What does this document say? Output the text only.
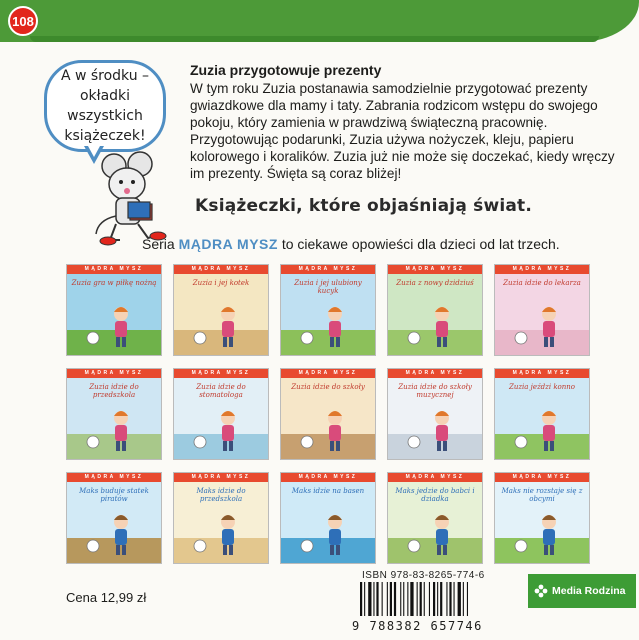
108
A w środku – okładki wszystkich książeczek!
Zuzia przygotowuje prezenty

W tym roku Zuzia postanawia samodzielnie przygotować prezenty gwiazdkowe dla mamy i taty. Zabrania rodzicom wstępu do swojego pokoju, który zamienia w prawdziwą świąteczną pracownię. Przygotowując podarunki, Zuzia używa nożyczek, kleju, papieru kolorowego i koralików. Zuzia już nie może się doczekać, kiedy wręczy im prezenty. Święta są coraz bliżej!

Książeczki, które objaśniają świat.
Seria MĄDRA MYSZ to ciekawe opowieści dla dzieci od lat trzech.
MĄDRA MYSZ
Zuzia gra w piłkę nożną
MĄDRA MYSZ
Zuzia i jej kotek
MĄDRA MYSZ
Zuzia i jej ulubiony kucyk
MĄDRA MYSZ
Zuzia z nowy dzidziuś
MĄDRA MYSZ
Zuzia idzie do lekarza
MĄDRA MYSZ
Zuzia idzie do przedszkola
MĄDRA MYSZ
Zuzia idzie do stomatologa
MĄDRA MYSZ
Zuzia idzie do szkoły
MĄDRA MYSZ
Zuzia idzie do szkoły muzycznej
MĄDRA MYSZ
Zuzia jeździ konno
MĄDRA MYSZ
Maks buduje statek piratów
MĄDRA MYSZ
Maks idzie do przedszkola
MĄDRA MYSZ
Maks idzie na basen
MĄDRA MYSZ
Maks jedzie do babci i dziadka
MĄDRA MYSZ
Maks nie rozstaje się z obcymi
Cena 12,99 zł
ISBN 978-83-8265-774-6
9 788382 657746
Media Rodzina
